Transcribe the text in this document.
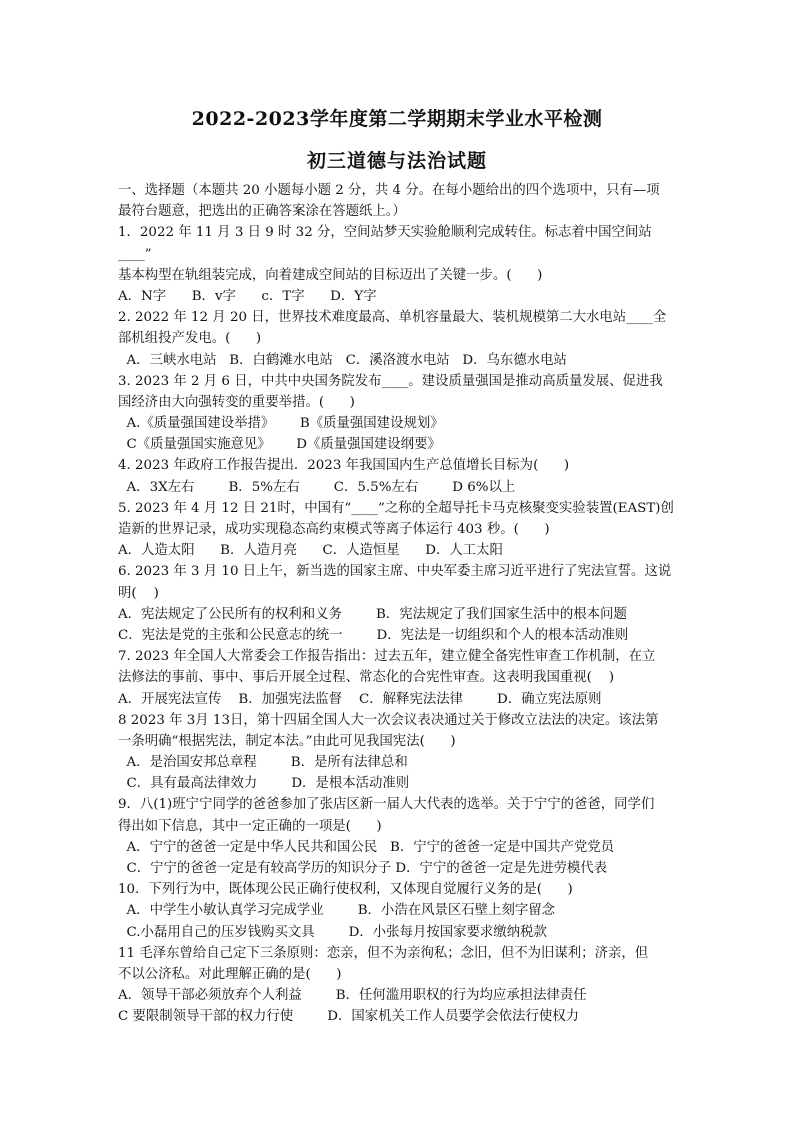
2022-2023学年度第二学期期末学业水平检测
初三道德与法治试题
一、选择题（本题共 20 小题每小题 2 分，共 4 分。在每小题给出的四个选项中，只有—项
最符台题意，把选出的正确答案涂在答题纸上。）
1．2022 年 11 月 3 日 9 时 32 分，空间站梦天实验舱顺利完成转住。标志着中国空间站
____”
基本构型在轨组装完成，向着建成空间站的目标迈出了关键一步。(      )
A．N字      B．v字      c．T字      D．Y字
2. 2022 年 12 月 20 日，世界技术难度最高、单机容量最大、装机规模第二大水电站____全
部机组投产发电。(      )
A．三峡水电站   B．白鹤滩水电站   C．溪洛渡水电站   D．乌东德水电站
3. 2023 年 2 月 6 日，中共中央国务院发布____。建设质量强国是推动高质量发展、促进我
国经济由大向强转变的重要举措。(      )
A.《质量强国建设举措》      B《质量强国建设规划》
C《质量强国实施意见》      D《质量强国建设纲要》
4. 2023 年政府工作报告提出．2023 年我国国内生产总值增长目标为(      )
A．3X左右        B．5%左右        C．5.5%左右        D 6%以上
5. 2023 年 4 月 12 日 21时，中国有“____”之称的全超导托卡马克核聚变实验装置(EAST)创
造新的世界记录，成功实现稳态高约束模式等离子体运行 403 秒。(      )
A．人造太阳      B．人造月亮      C．人造恒星      D．人工太阳
6. 2023 年 3 月 10 日上午，新当选的国家主席、中央军委主席习近平进行了宪法宣誓。这说
明(    )
A．宪法规定了公民所有的权利和义务        B．宪法规定了我们国家生活中的根本问题
C．宪法是党的主张和公民意志的统一        D．宪法是一切组织和个人的根本活动准则
7. 2023 年全国人大常委会工作报告指出：过去五年，建立健全备宪性审查工作机制，在立
法修法的事前、事中、事后开展全过程、常态化的合宪性审查。这表明我国重视(    )
A．开展宪法宣传    B．加强宪法监督    C．解释宪法法律        D．确立宪法原则
8 2023 年 3月 13日，第十四届全国人大一次会议表决通过关于修改立法法的决定。该法第
一条明确“根据宪法，制定本法。”由此可见我国宪法(      )
A．是治国安邦总章程        B．是所有法律总和
C．具有最高法律效力        D．是根本活动准则
9．八(1)班宁宁同学的爸爸参加了张店区新一届人大代表的选举。关于宁宁的爸爸，同学们
得出如下信息，其中一定正确的一项是(      )
A．宁宁的爸爸一定是中华人民共和国公民   B．宁宁的爸爸一定是中国共产党党员
C．宁宁的爸爸一定是有较高学历的知识分子 D．宁宁的爸爸一定是先进劳模代表
10．下列行为中，既体现公民正确行使权利，又体现自觉履行义务的是(      )
A．中学生小敏认真学习完成学业        B．小浩在风景区石壁上刻字留念
C.小磊用自己的压岁钱购买文具        D．小张每月按国家要求缴纳税款
11 毛泽东曾给自己定下三条原则：恋亲，但不为亲徇私；念旧，但不为旧谋利；济亲，但
不以公济私。对此理解正确的是(      )
A．领导干部必须放弃个人利益        B．任何滥用职权的行为均应承担法律责任
C 要限制领导干部的权力行使        D．国家机关工作人员要学会依法行使权力
